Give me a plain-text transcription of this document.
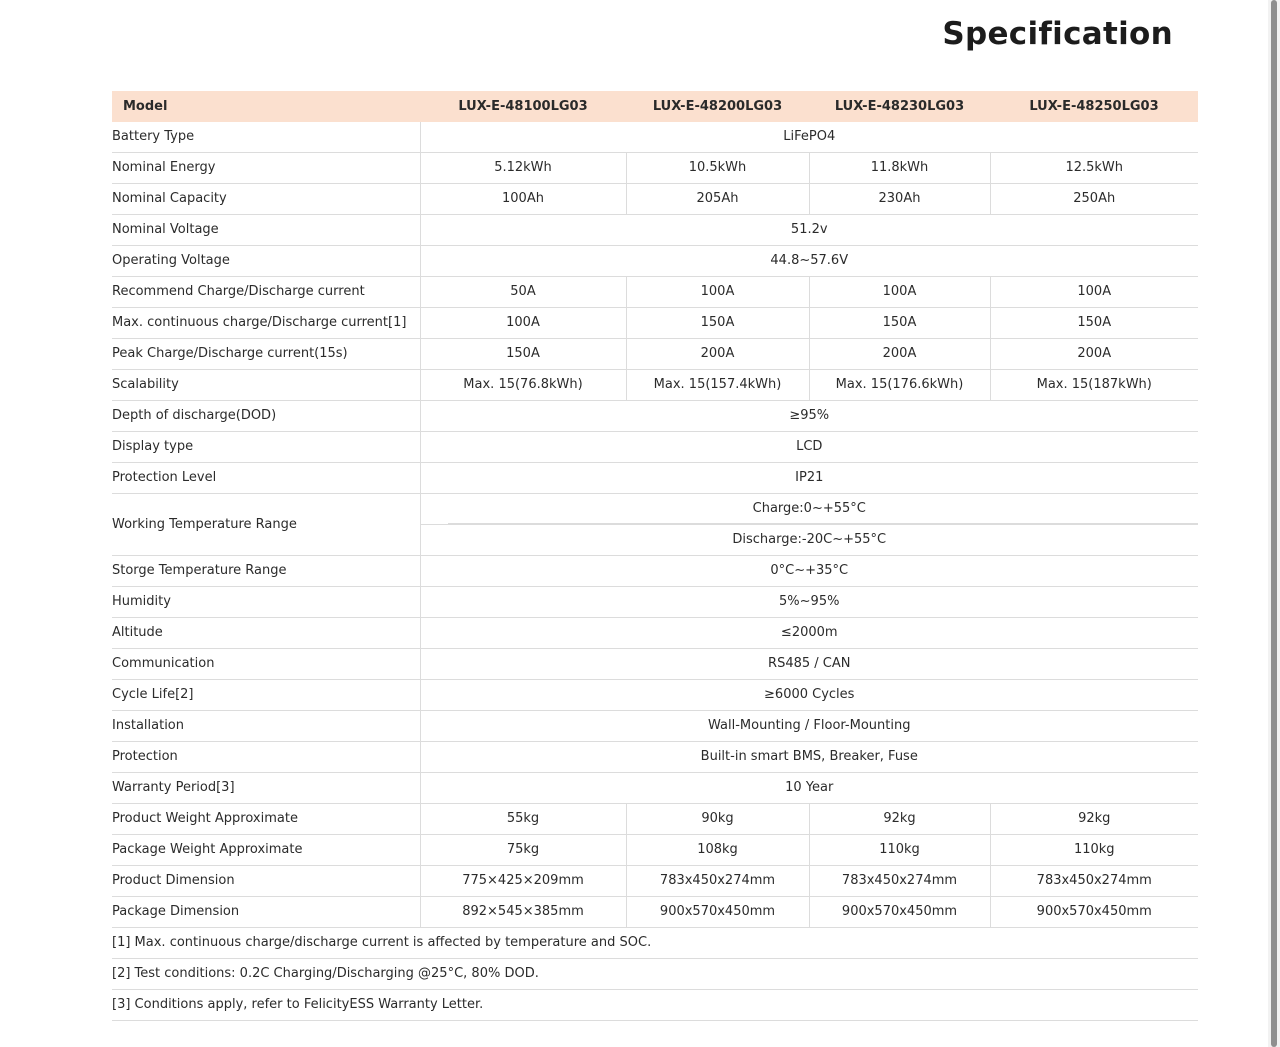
Specification
Model	LUX-E-48100LG03	LUX-E-48200LG03	LUX-E-48230LG03	LUX-E-48250LG03
Battery Type	LiFePO4			
Nominal Energy	5.12kWh	10.5kWh	11.8kWh	12.5kWh
Nominal Capacity	100Ah	205Ah	230Ah	250Ah
Nominal Voltage	51.2v			
Operating Voltage	44.8~57.6V			
Recommend Charge/Discharge current	50A	100A	100A	100A
Max. continuous charge/Discharge current[1]	100A	150A	150A	150A
Peak Charge/Discharge current(15s)	150A	200A	200A	200A
Scalability	Max. 15(76.8kWh)	Max. 15(157.4kWh)	Max. 15(176.6kWh)	Max. 15(187kWh)
Depth of discharge(DOD)	≥95%			
Display type	LCD			
Protection Level	IP21			
Working Temperature Range	Charge:0~+55°C			
	Discharge:-20C~+55°C			
Storge Temperature Range	0°C~+35°C			
Humidity	5%~95%			
Altitude	≤2000m			
Communication	RS485 / CAN			
Cycle Life[2]	≥6000 Cycles			
Installation	Wall-Mounting / Floor-Mounting			
Protection	Built-in smart BMS, Breaker, Fuse			
Warranty Period[3]	10 Year			
Product Weight Approximate	55kg	90kg	92kg	92kg
Package Weight Approximate	75kg	108kg	110kg	110kg
Product Dimension	775×425×209mm	783x450x274mm	783x450x274mm	783x450x274mm
Package Dimension	892×545×385mm	900x570x450mm	900x570x450mm	900x570x450mm
[1] Max. continuous charge/discharge current is affected by temperature and SOC.				
[2] Test conditions: 0.2C Charging/Discharging @25°C, 80% DOD.				
[3] Conditions apply, refer to FelicityESS Warranty Letter.				
